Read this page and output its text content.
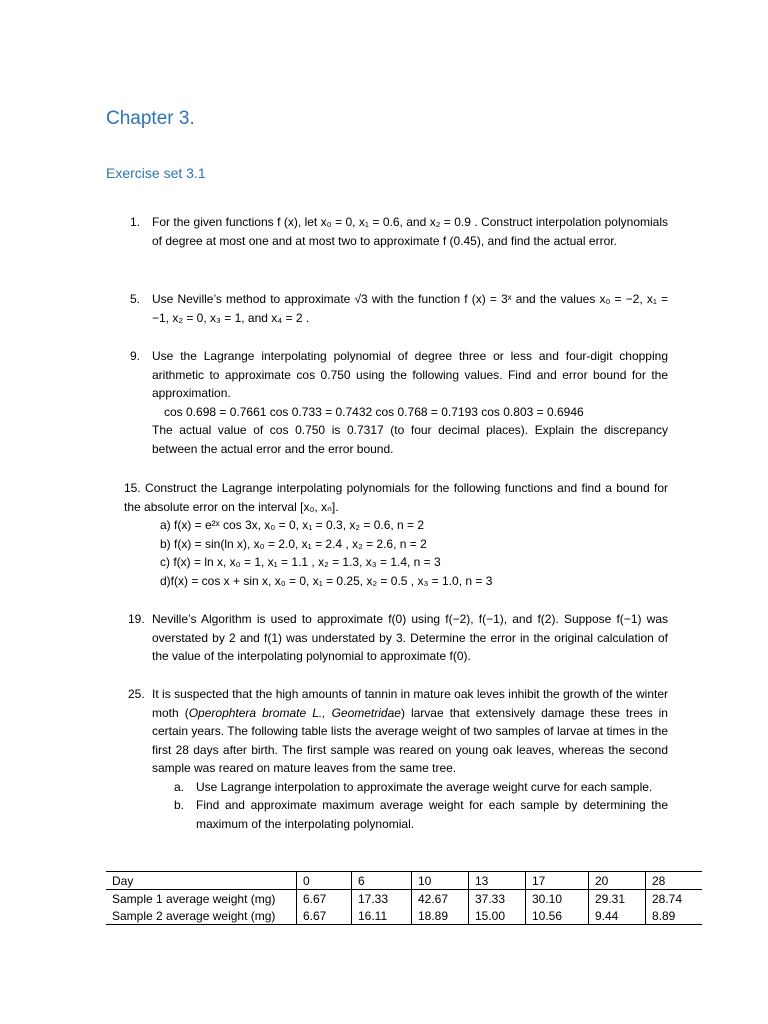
Chapter 3.
Exercise set 3.1
1. For the given functions f (x), let x₀ = 0, x₁ = 0.6, and x₂ = 0.9 . Construct interpolation polynomials of degree at most one and at most two to approximate f (0.45), and find the actual error.
5. Use Neville’s method to approximate √3 with the function f (x) = 3ˣ and the values x₀ = −2, x₁ = −1, x₂ = 0, x₃ = 1, and x₄ = 2 .
9. Use the Lagrange interpolating polynomial of degree three or less and four-digit chopping arithmetic to approximate cos 0.750 using the following values. Find and error bound for the approximation.
cos 0.698 = 0.7661 cos 0.733 = 0.7432 cos 0.768 = 0.7193 cos 0.803 = 0.6946
The actual value of cos 0.750 is 0.7317 (to four decimal places). Explain the discrepancy between the actual error and the error bound.
15. Construct the Lagrange interpolating polynomials for the following functions and find a bound for the absolute error on the interval [x₀, xₙ].
a) f(x) = e²ˣ cos 3x, x₀ = 0, x₁ = 0.3, x₂ = 0.6, n = 2
b) f(x) = sin(ln x), x₀ = 2.0, x₁ = 2.4 , x₂ = 2.6, n = 2
c) f(x) = ln x, x₀ = 1, x₁ = 1.1 , x₂ = 1.3, x₃ = 1.4, n = 3
d)f(x) = cos x + sin x, x₀ = 0, x₁ = 0.25, x₂ = 0.5 , x₃ = 1.0, n = 3
19. Neville’s Algorithm is used to approximate f(0) using f(−2), f(−1), and f(2). Suppose f(−1) was overstated by 2 and f(1) was understated by 3. Determine the error in the original calculation of the value of the interpolating polynomial to approximate f(0).
25. It is suspected that the high amounts of tannin in mature oak leves inhibit the growth of the winter moth (Operophtera bromate L., Geometridae) larvae that extensively damage these trees in certain years. The following table lists the average weight of two samples of larvae at times in the first 28 days after birth. The first sample was reared on young oak leaves, whereas the second sample was reared on mature leaves from the same tree.
a. Use Lagrange interpolation to approximate the average weight curve for each sample.
b. Find and approximate maximum average weight for each sample by determining the maximum of the interpolating polynomial.
Day	0	6	10	13	17	20	28
Sample 1 average weight (mg)	6.67	17.33	42.67	37.33	30.10	29.31	28.74
Sample 2 average weight (mg)	6.67	16.11	18.89	15.00	10.56	9.44	8.89
